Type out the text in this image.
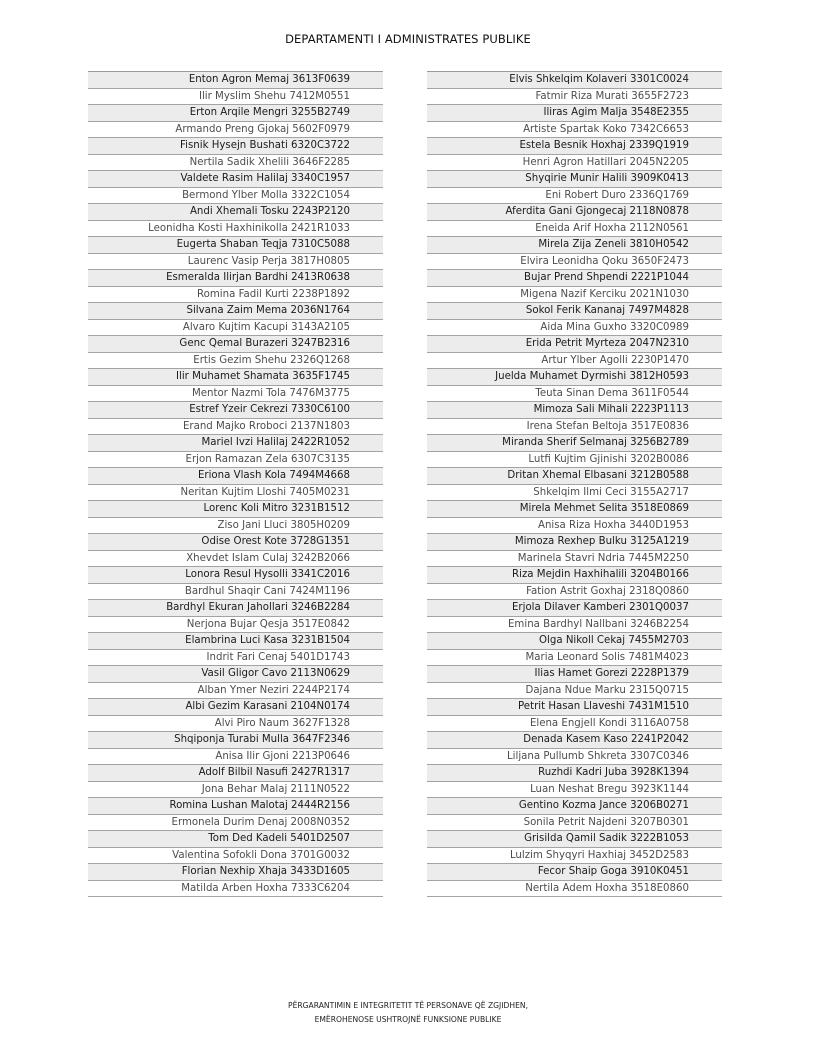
DEPARTAMENTI I ADMINISTRATES PUBLIKE
Enton Agron Memaj 3613F0639
Ilir Myslim Shehu 7412M0551
Erton Arqile Mengri 3255B2749
Armando Preng Gjokaj 5602F0979
Fisnik Hysejn Bushati 6320C3722
Nertila Sadik Xhelili 3646F2285
Valdete Rasim Halilaj 3340C1957
Bermond Ylber Molla 3322C1054
Andi Xhemali Tosku 2243P2120
Leonidha Kosti Haxhinikolla 2421R1033
Eugerta Shaban Teqja 7310C5088
Laurenc Vasip Perja 3817H0805
Esmeralda Ilirjan Bardhi 2413R0638
Romina Fadil Kurti 2238P1892
Silvana Zaim Mema 2036N1764
Alvaro Kujtim Kacupi 3143A2105
Genc Qemal Burazeri 3247B2316
Ertis Gezim Shehu 2326Q1268
Ilir Muhamet Shamata 3635F1745
Mentor Nazmi Tola 7476M3775
Estref Yzeir Cekrezi 7330C6100
Erand Majko Rroboci 2137N1803
Mariel Ivzi Halilaj 2422R1052
Erjon Ramazan Zela 6307C3135
Eriona Vlash Kola 7494M4668
Neritan Kujtim Lloshi 7405M0231
Lorenc Koli Mitro 3231B1512
Ziso Jani Lluci 3805H0209
Odise Orest Kote 3728G1351
Xhevdet Islam Culaj 3242B2066
Lonora Resul Hysolli 3341C2016
Bardhul Shaqir Cani 7424M1196
Bardhyl Ekuran Jahollari 3246B2284
Nerjona Bujar Qesja 3517E0842
Elambrina Luci Kasa 3231B1504
Indrit Fari Cenaj 5401D1743
Vasil Gligor Cavo 2113N0629
Alban Ymer Neziri 2244P2174
Albi Gezim Karasani 2104N0174
Alvi Piro Naum 3627F1328
Shqiponja Turabi Mulla 3647F2346
Anisa Ilir Gjoni 2213P0646
Adolf Bilbil Nasufi 2427R1317
Jona Behar Malaj 2111N0522
Romina Lushan Malotaj 2444R2156
Ermonela Durim Denaj 2008N0352
Tom Ded Kadeli 5401D2507
Valentina Sofokli Dona 3701G0032
Florian Nexhip Xhaja 3433D1605
Matilda Arben Hoxha 7333C6204
Elvis Shkelqim Kolaveri 3301C0024
Fatmir Riza Murati 3655F2723
Iliras Agim Malja 3548E2355
Artiste Spartak Koko 7342C6653
Estela Besnik Hoxhaj 2339Q1919
Henri Agron Hatillari 2045N2205
Shyqirie Munir Halili 3909K0413
Eni Robert Duro 2336Q1769
Aferdita Gani Gjongecaj 2118N0878
Eneida Arif Hoxha 2112N0561
Mirela Zija Zeneli 3810H0542
Elvira Leonidha Qoku 3650F2473
Bujar Prend Shpendi 2221P1044
Migena Nazif Kerciku 2021N1030
Sokol Ferik Kananaj 7497M4828
Aida Mina Guxho 3320C0989
Erida Petrit Myrteza 2047N2310
Artur Ylber Agolli 2230P1470
Juelda Muhamet Dyrmishi 3812H0593
Teuta Sinan Dema 3611F0544
Mimoza Sali Mihali 2223P1113
Irena Stefan Beltoja 3517E0836
Miranda Sherif Selmanaj 3256B2789
Lutfi Kujtim Gjinishi 3202B0086
Dritan Xhemal Elbasani 3212B0588
Shkelqim Ilmi Ceci 3155A2717
Mirela Mehmet Selita 3518E0869
Anisa Riza Hoxha 3440D1953
Mimoza Rexhep Bulku 3125A1219
Marinela Stavri Ndria 7445M2250
Riza Mejdin Haxhihalili 3204B0166
Fation Astrit Goxhaj 2318Q0860
Erjola Dilaver Kamberi 2301Q0037
Emina Bardhyl Nallbani 3246B2254
Olga Nikoll Cekaj 7455M2703
Maria Leonard Solis 7481M4023
Ilias Hamet Gorezi 2228P1379
Dajana Ndue Marku 2315Q0715
Petrit Hasan Llaveshi 7431M1510
Elena Engjell Kondi 3116A0758
Denada Kasem Kaso 2241P2042
Liljana Pullumb Shkreta 3307C0346
Ruzhdi Kadri Juba 3928K1394
Luan Neshat Bregu 3923K1144
Gentino Kozma Jance 3206B0271
Sonila Petrit Najdeni 3207B0301
Grisilda Qamil Sadik 3222B1053
Lulzim Shyqyri Haxhiaj 3452D2583
Fecor Shaip Goga 3910K0451
Nertila Adem Hoxha 3518E0860
PËRGARANTIMIN E INTEGRITETIT TË PERSONAVE QË ZGJIDHEN,
EMËROHENOSE USHTROJNË FUNKSIONE PUBLIKE
